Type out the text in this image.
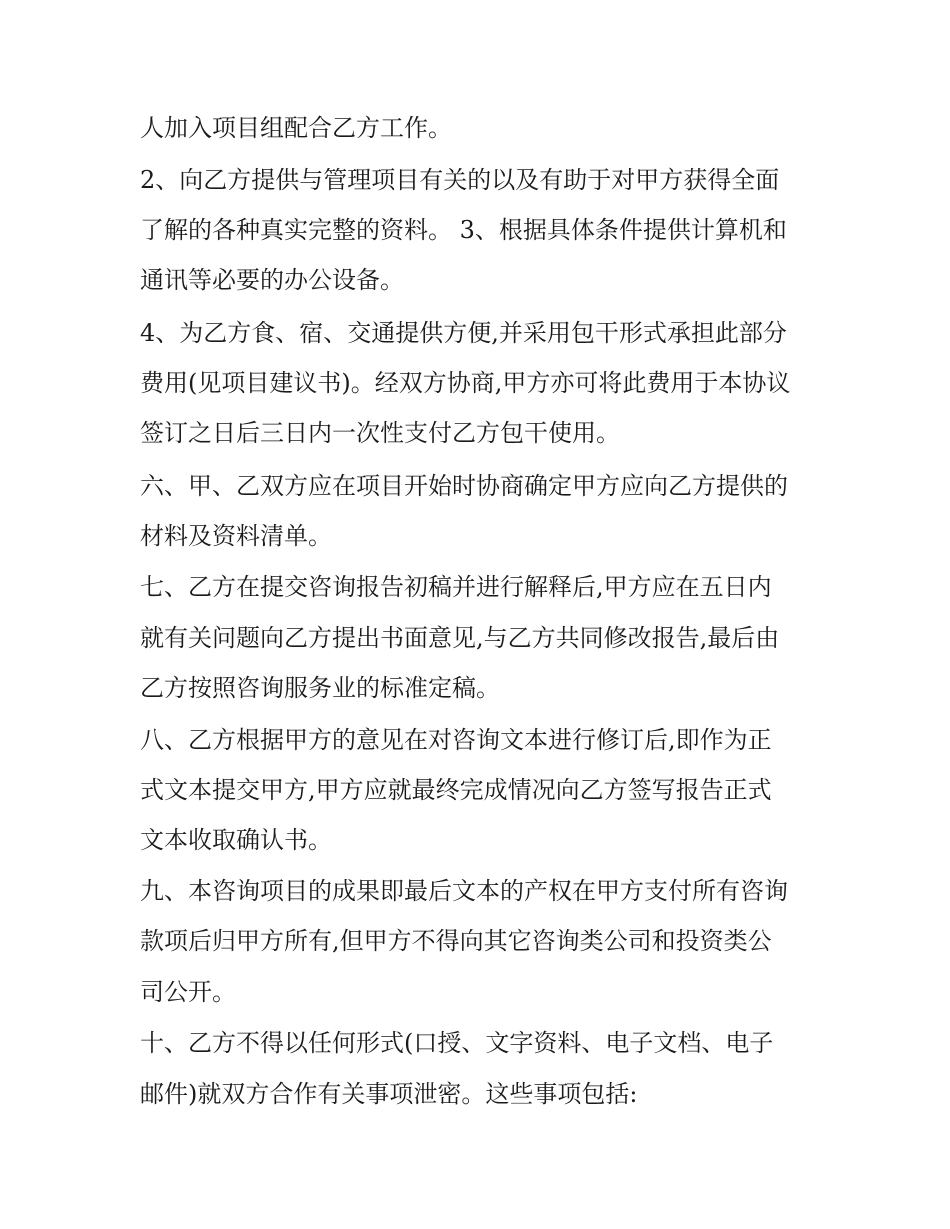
人加入项目组配合乙方工作。
2、向乙方提供与管理项目有关的以及有助于对甲方获得全面
了解的各种真实完整的资料。 3、根据具体条件提供计算机和
通讯等必要的办公设备。
4、为乙方食、宿、交通提供方便,并采用包干形式承担此部分
费用(见项目建议书)。经双方协商,甲方亦可将此费用于本协议
签订之日后三日内一次性支付乙方包干使用。
六、甲、乙双方应在项目开始时协商确定甲方应向乙方提供的
材料及资料清单。
七、乙方在提交咨询报告初稿并进行解释后,甲方应在五日内
就有关问题向乙方提出书面意见,与乙方共同修改报告,最后由
乙方按照咨询服务业的标准定稿。
八、乙方根据甲方的意见在对咨询文本进行修订后,即作为正
式文本提交甲方,甲方应就最终完成情况向乙方签写报告正式
文本收取确认书。
九、本咨询项目的成果即最后文本的产权在甲方支付所有咨询
款项后归甲方所有,但甲方不得向其它咨询类公司和投资类公
司公开。
十、乙方不得以任何形式(口授、文字资料、电子文档、电子
邮件)就双方合作有关事项泄密。这些事项包括:
